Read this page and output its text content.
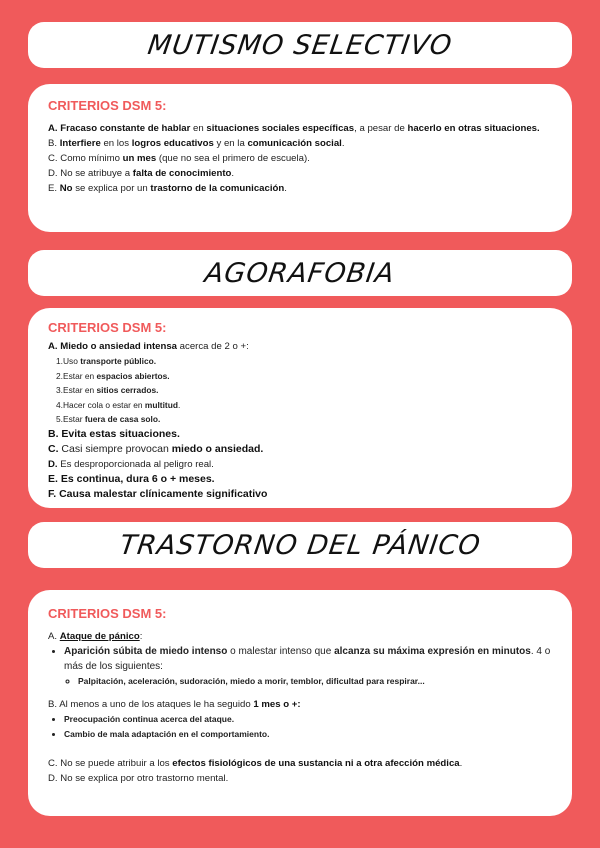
MUTISMO SELECTIVO

CRITERIOS DSM 5:

A. Fracaso constante de hablar en situaciones sociales específicas, a pesar de hacerlo en otras situaciones.

B. Interfiere en los logros educativos y en la comunicación social.

C. Como mínimo un mes (que no sea el primero de escuela).

D. No se atribuye a falta de conocimiento.

E. No se explica por un trastorno de la comunicación.

AGORAFOBIA

CRITERIOS DSM 5:

A. Miedo o ansiedad intensa acerca de 2 o +:

1.Uso transporte público.

2.Estar en espacios abiertos.

3.Estar en sitios cerrados.

4.Hacer cola o estar en multitud.

5.Estar fuera de casa solo.

B. Evita estas situaciones.

C. Casi siempre provocan miedo o ansiedad.

D. Es desproporcionada al peligro real.

E. Es continua, dura 6 o + meses.

F. Causa malestar clínicamente significativo

TRASTORNO DEL PÁNICO

CRITERIOS DSM 5:

A. Ataque de pánico:

• Aparición súbita de miedo intenso o malestar intenso que alcanza su máxima expresión en minutos. 4 o más de los siguientes:
◦ Palpitación, aceleración, sudoración, miedo a morir, temblor, dificultad para respirar...

B. Al menos a uno de los ataques le ha seguido 1 mes o +:

• Preocupación continua acerca del ataque.
• Cambio de mala adaptación en el comportamiento.

C. No se puede atribuir a los efectos fisiológicos de una sustancia ni a otra afección médica.

D. No se explica por otro trastorno mental.
